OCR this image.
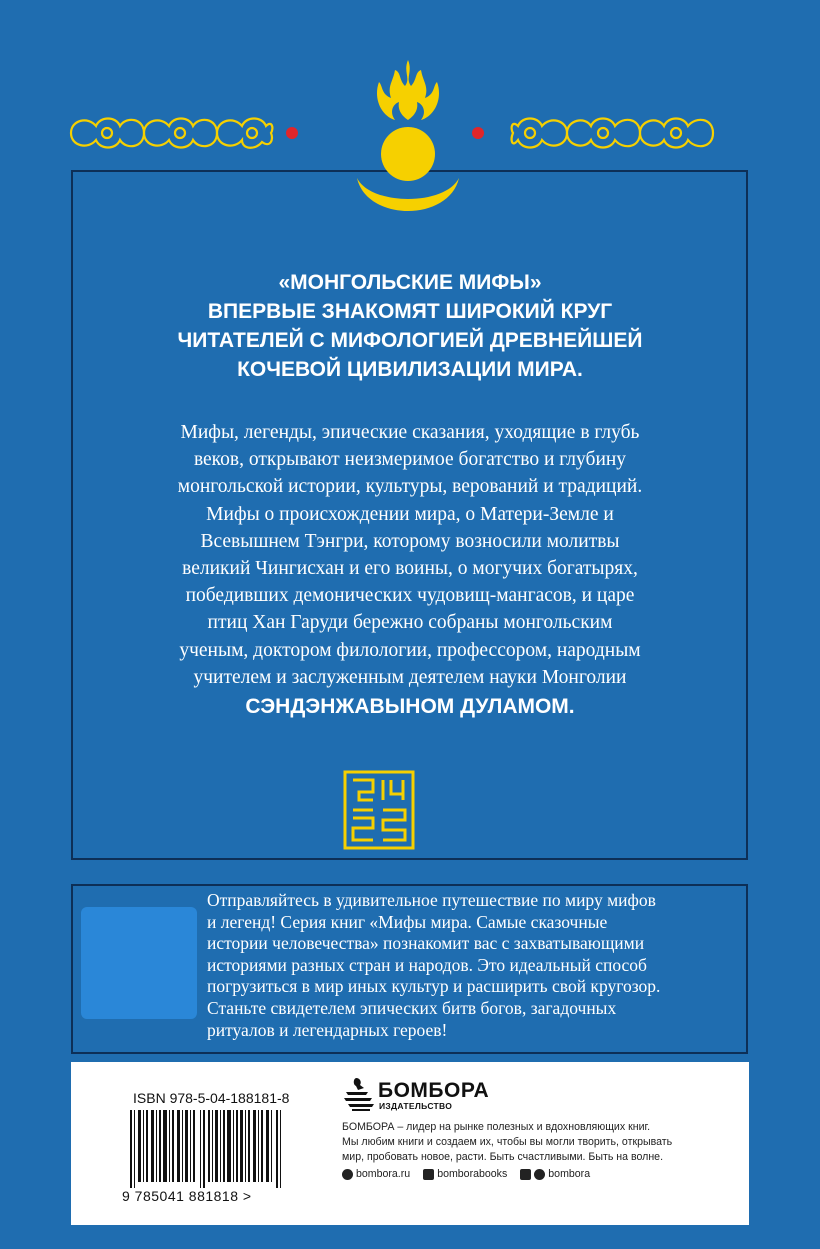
«МОНГОЛЬСКИЕ МИФЫ»
ВПЕРВЫЕ ЗНАКОМЯТ ШИРОКИЙ КРУГ
ЧИТАТЕЛЕЙ С МИФОЛОГИЕЙ ДРЕВНЕЙШЕЙ
КОЧЕВОЙ ЦИВИЛИЗАЦИИ МИРА.
Мифы, легенды, эпические сказания, уходящие в глубь
веков, открывают неизмеримое богатство и глубину
монгольской истории, культуры, верований и традиций.
Мифы о происхождении мира, о Матери-Земле и
Всевышнем Тэнгри, которому возносили молитвы
великий Чингисхан и его воины, о могучих богатырях,
победивших демонических чудовищ-мангасов, и царе
птиц Хан Гаруди бережно собраны монгольским
ученым, доктором филологии, профессором, народным
учителем и заслуженным деятелем науки Монголии
СЭНДЭНЖАВЫНОМ ДУЛАМОМ.
Отправляйтесь в удивительное путешествие по миру мифов
и легенд! Серия книг «Мифы мира. Самые сказочные
истории человечества» познакомит вас с захватывающими
историями разных стран и народов. Это идеальный способ
погрузиться в мир иных культур и расширить свой кругозор.
Станьте свидетелем эпических битв богов, загадочных
ритуалов и легендарных героев!
ISBN 978-5-04-188181-8
9 785041 881818 >
БОМБОРА
ИЗДАТЕЛЬСТВО
БОМБОРА – лидер на рынке полезных и вдохновляющих книг.
Мы любим книги и создаем их, чтобы вы могли творить, открывать
мир, пробовать новое, расти. Быть счастливыми. Быть на волне.
bombora.ru	bomborabooks	bombora
